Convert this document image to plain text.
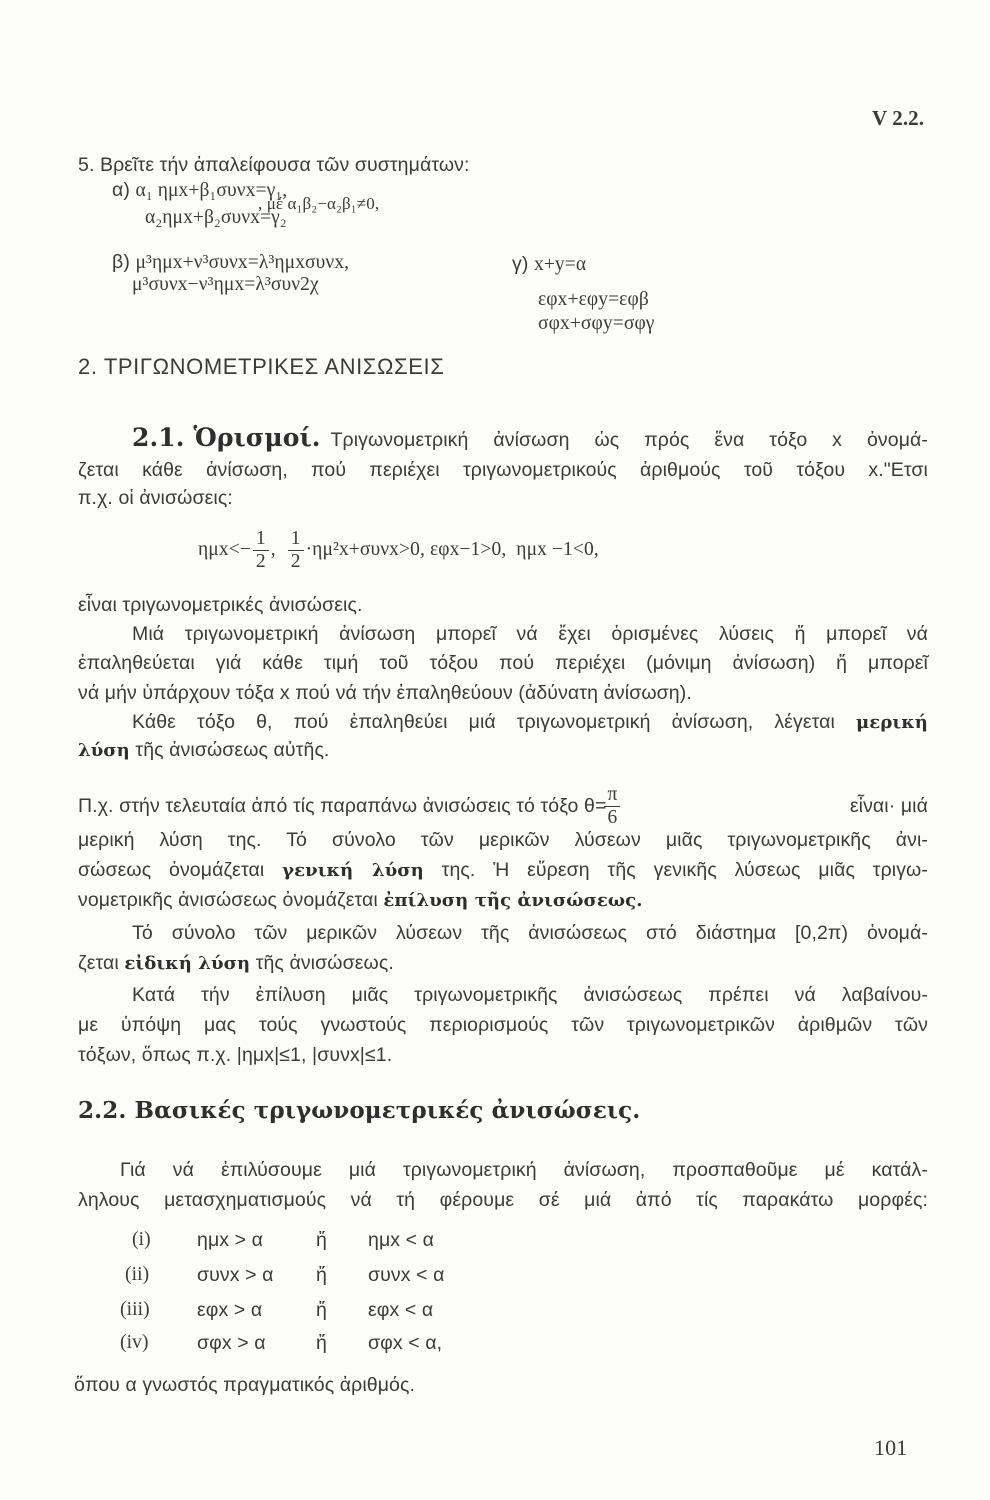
V 2.2.
5. Βρεῖτε τήν ἀπαλείφουσα τῶν συστημάτων:
α) α₁ ημx+β₁συνx=γ₁,
α₂ημx+β₂συνx=γ₂
, μέ α₁β₂−α₂β₁≠0,
β) μ³ημx+ν³συνx=λ³ημxσυνx,
μ³συνx−ν³ημx=λ³συν2χ
γ) x+y=α
εφx+εφy=εφβ
σφx+σφy=σφγ
2. ΤΡΙΓΩΝΟΜΕΤΡΙΚΕΣ ΑΝΙΣΩΣΕΙΣ
2.1. Ὁρισμοί. Τριγωνομετρική ἀνίσωση ὡς πρός ἕνα τόξο x ὀνομά-
ζεται κάθε ἀνίσωση, πού περιέχει τριγωνομετρικούς ἀριθμούς τοῦ τόξου x."Ετσι
π.χ. οἱ ἀνισώσεις:
$\eta\mu x<- \frac{1}{2}$ , $\frac{1}{2} \cdot\eta\mu^2x+\sigma\upsilon\nu x>0$, εφx−1>0, ημx −1<0,
εἶναι τριγωνομετρικές ἀνισώσεις.
Μιά τριγωνομετρική ἀνίσωση μπορεῖ νά ἔχει ὁρισμένες λύσεις ἤ μπορεῖ νά
ἐπαληθεύεται γιά κάθε τιμή τοῦ τόξου πού περιέχει (μόνιμη ἀνίσωση) ἤ μπορεῖ
νά μήν ὑπάρχουν τόξα x πού νά τήν ἐπαληθεύουν (ἀδύνατη ἀνίσωση).
Κάθε τόξο θ, πού ἐπαληθεύει μιά τριγωνομετρική ἀνίσωση, λέγεται μερική
λύση τῆς ἀνισώσεως αὐτῆς.
Π.χ. στήν τελευταία ἀπό τίς παραπάνω ἀνισώσεις τό τόξο θ=
$\frac{\pi}{6}$	εἶναι· μιά
μερική λύση της. Τό σύνολο τῶν μερικῶν λύσεων μιᾶς τριγωνομετρικῆς ἀνι-
σώσεως ὀνομάζεται γενική λύση της. Ἡ εὕρεση τῆς γενικῆς λύσεως μιᾶς τριγω-
νομετρικῆς ἀνισώσεως ὀνομάζεται ἐπίλυση τῆς ἀνισώσεως.
Τό σύνολο τῶν μερικῶν λύσεων τῆς ἀνισώσεως στό διάστημα [0,2π) ὀνομά-
ζεται εἰδική λύση τῆς ἀνισώσεως.
Κατά τήν ἐπίλυση μιᾶς τριγωνομετρικῆς ἀνισώσεως πρέπει νά λαβαίνου-
με ὑπόψη μας τούς γνωστούς περιορισμούς τῶν τριγωνομετρικῶν ἀριθμῶν τῶν
τόξων, ὅπως π.χ. |ημx|≤1, |συνx|≤1.
2.2. Βασικές τριγωνομετρικές ἀνισώσεις.
Γιά νά ἐπιλύσουμε μιά τριγωνομετρική ἀνίσωση, προσπαθοῦμε μέ κατάλ-
ληλους μετασχηματισμούς νά τή φέρουμε σέ μιά ἀπό τίς παρακάτω μορφές:
(i) ημx > α	ἤ ημx < α
(ii) συνx > α ἤ συνx < α
(iii) εφx > α	ἤ εφx < α
(iv) σφx > α	ἤ σφx < α,
ὅπου α γνωστός πραγματικός ἀριθμός.
101
